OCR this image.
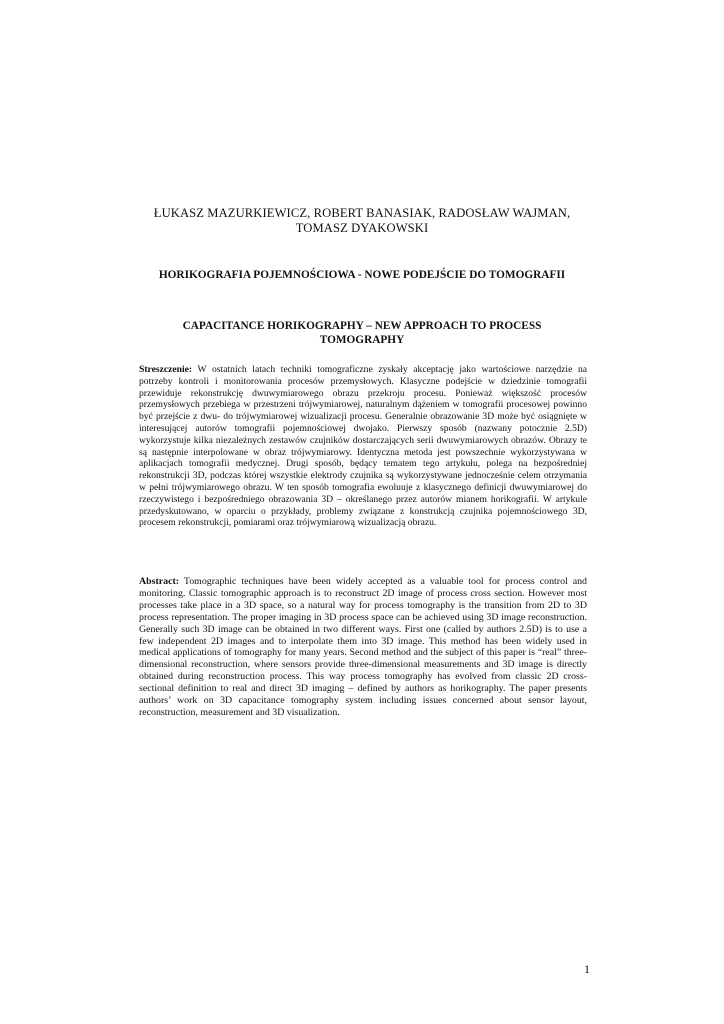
ŁUKASZ MAZURKIEWICZ, ROBERT BANASIAK, RADOSŁAW WAJMAN,
TOMASZ DYAKOWSKI
HORIKOGRAFIA POJEMNOŚCIOWA - NOWE PODEJŚCIE DO TOMOGRAFII
CAPACITANCE HORIKOGRAPHY – NEW APPROACH TO PROCESS
TOMOGRAPHY

Streszczenie: W ostatnich latach techniki tomograficzne zyskały akceptację jako wartościowe narzędzie na potrzeby kontroli i monitorowania procesów przemysłowych. Klasyczne podejście w dziedzinie tomografii przewiduje rekonstrukcję dwuwymiarowego obrazu przekroju procesu. Ponieważ większość procesów przemysłowych przebiega w przestrzeni trójwymiarowej, naturalnym dążeniem w tomografii procesowej powinno być przejście z dwu- do trójwymiarowej wizualizacji procesu. Generalnie obrazowanie 3D może być osiągnięte w interesującej autorów tomografii pojemnościowej dwojako. Pierwszy sposób (nazwany potocznie 2.5D) wykorzystuje kilka niezależnych zestawów czujników dostarczających serii dwuwymiarowych obrazów. Obrazy te są następnie interpolowane w obraz trójwymiarowy. Identyczna metoda jest powszechnie wykorzystywana w aplikacjach tomografii medycznej. Drugi sposób, będący tematem tego artykułu, polega na bezpośredniej rekonstrukcji 3D, podczas której wszystkie elektrody czujnika są wykorzystywane jednocześnie celem otrzymania w pełni trójwymiarowego obrazu. W ten sposób tomografia ewoluuje z klasycznego definicji dwuwymiarowej do rzeczywistego i bezpośredniego obrazowania 3D – określanego przez autorów mianem horikografii. W artykule przedyskutowano, w oparciu o przykłady, problemy związane z konstrukcją czujnika pojemnościowego 3D, procesem rekonstrukcji, pomiarami oraz trójwymiarową wizualizacją obrazu.

Abstract: Tomographic techniques have been widely accepted as a valuable tool for process control and monitoring. Classic tomographic approach is to reconstruct 2D image of process cross section. However most processes take place in a 3D space, so a natural way for process tomography is the transition from 2D to 3D process representation. The proper imaging in 3D process space can be achieved using 3D image reconstruction. Generally such 3D image can be obtained in two different ways. First one (called by authors 2.5D) is to use a few independent 2D images and to interpolate them into 3D image. This method has been widely used in medical applications of tomography for many years. Second method and the subject of this paper is “real” three-dimensional reconstruction, where sensors provide three-dimensional measurements and 3D image is directly obtained during reconstruction process. This way process tomography has evolved from classic 2D cross-sectional definition to real and direct 3D imaging – defined by authors as horikography. The paper presents authors’ work on 3D capacitance tomography system including issues concerned about sensor layout, reconstruction, measurement and 3D visualization.

1
